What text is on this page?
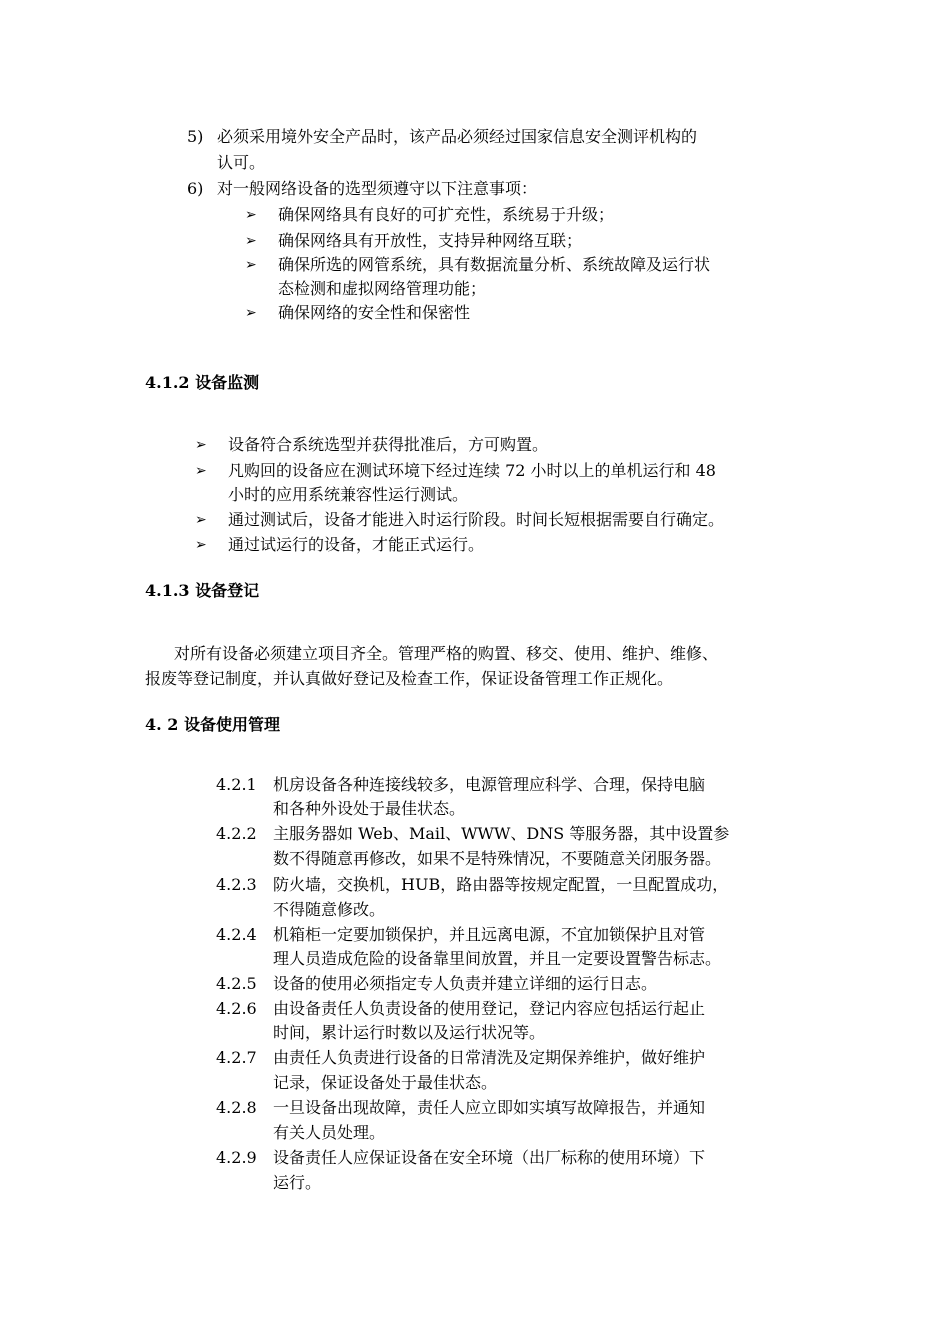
5) 必须采用境外安全产品时，该产品必须经过国家信息安全测评机构的
认可。
6) 对一般网络设备的选型须遵守以下注意事项：
➢ 确保网络具有良好的可扩充性，系统易于升级；
➢ 确保网络具有开放性，支持异种网络互联；
➢ 确保所选的网管系统，具有数据流量分析、系统故障及运行状
态检测和虚拟网络管理功能；
➢ 确保网络的安全性和保密性
4.1.2 设备监测
➢ 设备符合系统选型并获得批准后，方可购置。
➢ 凡购回的设备应在测试环境下经过连续 72 小时以上的单机运行和 48
小时的应用系统兼容性运行测试。
➢ 通过测试后，设备才能进入时运行阶段。时间长短根据需要自行确定。
➢ 通过试运行的设备，才能正式运行。
4.1.3 设备登记
对所有设备必须建立项目齐全。管理严格的购置、移交、使用、维护、维修、
报废等登记制度，并认真做好登记及检查工作，保证设备管理工作正规化。
4. 2 设备使用管理
4.2.1 机房设备各种连接线较多，电源管理应科学、合理，保持电脑
和各种外设处于最佳状态。
4.2.2 主服务器如 Web、Mail、WWW、DNS 等服务器，其中设置参
数不得随意再修改，如果不是特殊情况，不要随意关闭服务器。
4.2.3 防火墙，交换机，HUB，路由器等按规定配置，一旦配置成功，
不得随意修改。
4.2.4 机箱柜一定要加锁保护，并且远离电源，不宜加锁保护且对管
理人员造成危险的设备靠里间放置，并且一定要设置警告标志。
4.2.5 设备的使用必须指定专人负责并建立详细的运行日志。
4.2.6 由设备责任人负责设备的使用登记，登记内容应包括运行起止
时间，累计运行时数以及运行状况等。
4.2.7 由责任人负责进行设备的日常清洗及定期保养维护，做好维护
记录，保证设备处于最佳状态。
4.2.8 一旦设备出现故障，责任人应立即如实填写故障报告，并通知
有关人员处理。
4.2.9 设备责任人应保证设备在安全环境（出厂标称的使用环境）下
运行。
